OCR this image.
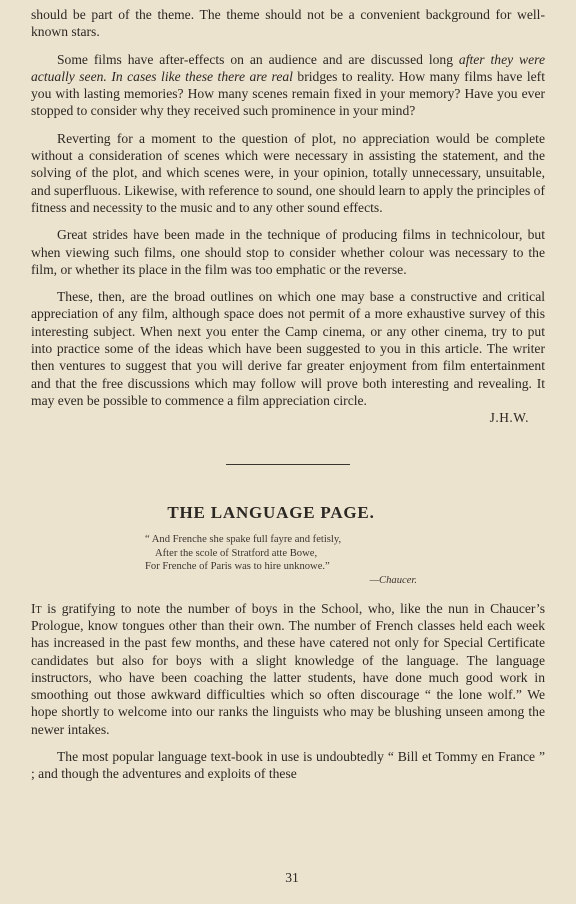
should be part of the theme. The theme should not be a convenient background for well-known stars.

Some films have after-effects on an audience and are discussed long after they were actually seen. In cases like these there are real bridges to reality. How many films have left you with lasting memories? How many scenes remain fixed in your memory? Have you ever stopped to consider why they received such prominence in your mind?

Reverting for a moment to the question of plot, no appreciation would be complete without a consideration of scenes which were necessary in assisting the statement, and the solving of the plot, and which scenes were, in your opinion, totally unnecessary, unsuitable, and superfluous. Likewise, with reference to sound, one should learn to apply the principles of fitness and necessity to the music and to any other sound effects.

Great strides have been made in the technique of producing films in technicolour, but when viewing such films, one should stop to consider whether colour was necessary to the film, or whether its place in the film was too emphatic or the reverse.

These, then, are the broad outlines on which one may base a constructive and critical appreciation of any film, although space does not permit of a more exhaustive survey of this interesting subject. When next you enter the Camp cinema, or any other cinema, try to put into practice some of the ideas which have been suggested to you in this article. The writer then ventures to suggest that you will derive far greater enjoyment from film entertainment and that the free discussions which may follow will prove both interesting and revealing. It may even be possible to commence a film appreciation circle.

J.H.W.
THE LANGUAGE PAGE.
“ And Frenche she spake full fayre and fetisly,
After the scole of Stratford atte Bowe,
For Frenche of Paris was to hire unknowe.”
—Chaucer.

It is gratifying to note the number of boys in the School, who, like the nun in Chaucer’s Prologue, know tongues other than their own. The number of French classes held each week has increased in the past few months, and these have catered not only for Special Certificate candidates but also for boys with a slight knowledge of the language. The language instructors, who have been coaching the latter students, have done much good work in smoothing out those awkward difficulties which so often discourage “ the lone wolf.” We hope shortly to welcome into our ranks the linguists who may be blushing unseen among the newer intakes.

The most popular language text-book in use is undoubtedly “ Bill et Tommy en France ” ; and though the adventures and exploits of these

31
